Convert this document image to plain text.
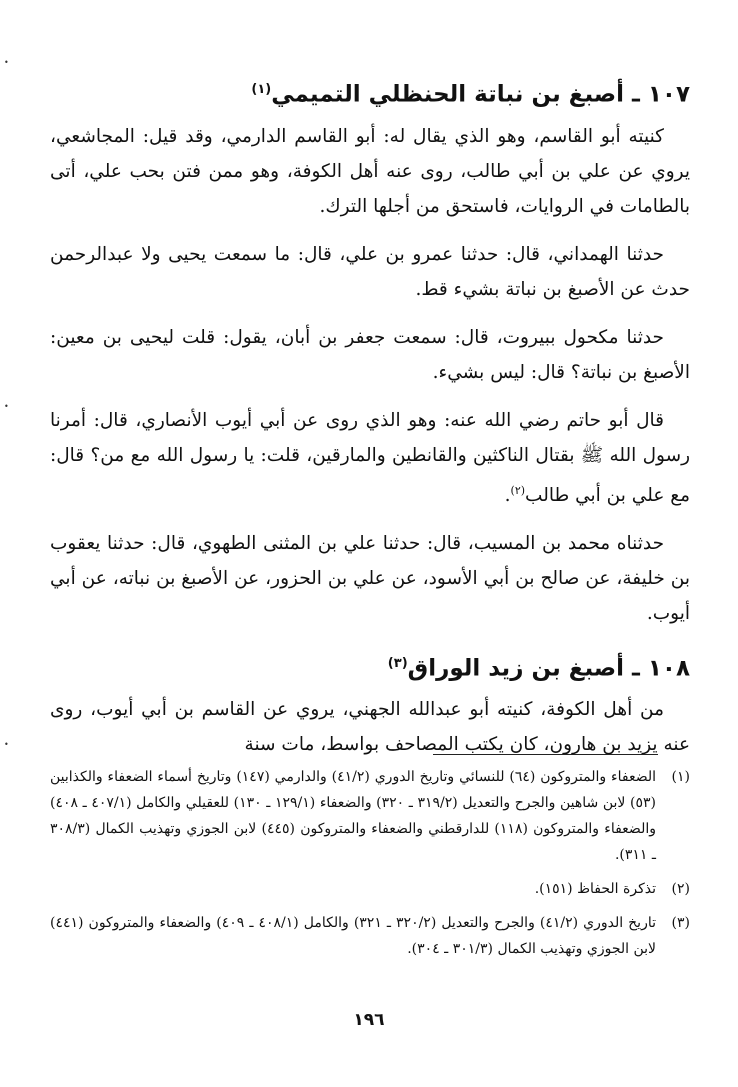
١٠٧ ـ أصبغ بن نباتة الحنظلي التميمي$^{(١)}$

كنيته أبو القاسم، وهو الذي يقال له: أبو القاسم الدارمي، وقد قيل: المجاشعي، يروي عن علي بن أبي طالب، روى عنه أهل الكوفة، وهو ممن فتن بحب علي، أتى بالطامات في الروايات، فاستحق من أجلها الترك.

حدثنا الهمداني، قال: حدثنا عمرو بن علي، قال: ما سمعت يحيى ولا عبدالرحمن حدث عن الأصبغ بن نباتة بشيء قط.

حدثنا مكحول ببيروت، قال: سمعت جعفر بن أبان، يقول: قلت ليحيى بن معين: الأصبغ بن نباتة؟ قال: ليس بشيء.

قال أبو حاتم رضي الله عنه: وهو الذي روى عن أبي أيوب الأنصاري، قال: أمرنا رسول الله ﷺ بقتال الناكثين والقانطين والمارقين، قلت: يا رسول الله مع من؟ قال: مع علي بن أبي طالب$^{(٢)}$.

حدثناه محمد بن المسيب، قال: حدثنا علي بن المثنى الطهوي، قال: حدثنا يعقوب بن خليفة، عن صالح بن أبي الأسود، عن علي بن الحزور، عن الأصبغ بن نباته، عن أبي أيوب.

١٠٨ ـ أصبغ بن زيد الوراق$^{(٣)}$

من أهل الكوفة، كنيته أبو عبدالله الجهني، يروي عن القاسم بن أبي أيوب، روى عنه يزيد بن هارون، كان يكتب المصاحف بواسط، مات سنة

(١)
الضعفاء والمتروكون (٦٤) للنسائي وتاريخ الدوري (٤١/٢) والدارمي (١٤٧) وتاريخ أسماء الضعفاء والكذابين (٥٣) لابن شاهين والجرح والتعديل (٣١٩/٢ ـ ٣٢٠) والضعفاء (١٢٩/١ ـ ١٣٠) للعقيلي والكامل (٤٠٧/١ ـ ٤٠٨) والضعفاء والمتروكون (١١٨) للدارقطني والضعفاء والمتروكون (٤٤٥) لابن الجوزي وتهذيب الكمال (٣٠٨/٣ ـ ٣١١).
(٢)
تذكرة الحفاظ (١٥١).
(٣)
تاريخ الدوري (٤١/٢) والجرح والتعديل (٣٢٠/٢ ـ ٣٢١) والكامل (٤٠٨/١ ـ ٤٠٩) والضعفاء والمتروكون (٤٤١) لابن الجوزي وتهذيب الكمال (٣٠١/٣ ـ ٣٠٤).
١٩٦
•
•
•
